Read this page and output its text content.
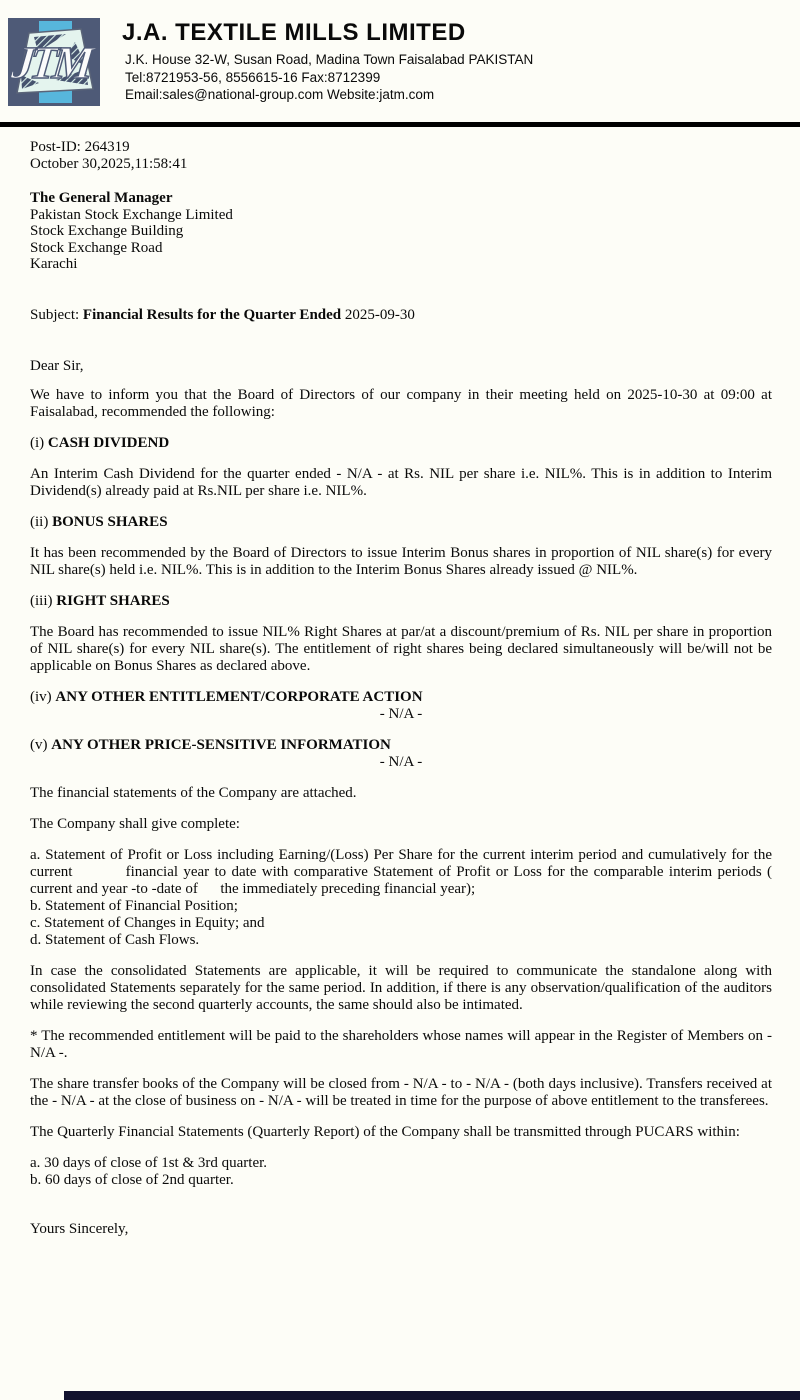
JTM
J.A. TEXTILE MILLS LIMITED
J.K. House 32-W, Susan Road, Madina Town Faisalabad PAKISTAN
Tel:8721953-56, 8556615-16 Fax:8712399
Email:sales@national-group.com Website:jatm.com
Post-ID: 264319
October 30,2025,11:58:41
The General Manager
Pakistan Stock Exchange Limited
Stock Exchange Building
Stock Exchange Road
Karachi

Subject: Financial Results for the Quarter Ended 2025-09-30

Dear Sir,

We have to inform you that the Board of Directors of our company in their meeting held on 2025-10-30 at 09:00 at Faisalabad, recommended the following:

(i) CASH DIVIDEND

An Interim Cash Dividend for the quarter ended - N/A - at Rs. NIL per share i.e. NIL%. This is in addition to Interim Dividend(s) already paid at Rs.NIL per share i.e. NIL%.

(ii) BONUS SHARES

It has been recommended by the Board of Directors to issue Interim Bonus shares in proportion of NIL share(s) for every NIL share(s) held i.e. NIL%. This is in addition to the Interim Bonus Shares already issued @ NIL%.

(iii) RIGHT SHARES

The Board has recommended to issue NIL% Right Shares at par/at a discount/premium of Rs. NIL per share in proportion of NIL share(s) for every NIL share(s). The entitlement of right shares being declared simultaneously will be/will not be applicable on Bonus Shares as declared above.

(iv) ANY OTHER ENTITLEMENT/CORPORATE ACTION

- N/A -

(v) ANY OTHER PRICE-SENSITIVE INFORMATION

- N/A -

The financial statements of the Company are attached.

The Company shall give complete:

a. Statement of Profit or Loss including Earning/(Loss) Per Share for the current interim period and cumulatively for the current          financial year to date with comparative Statement of Profit or Loss for the comparable interim periods ( current and year -to -date of      the immediately preceding financial year);
b. Statement of Financial Position;
c. Statement of Changes in Equity; and
d. Statement of Cash Flows.

In case the consolidated Statements are applicable, it will be required to communicate the standalone along with consolidated Statements separately for the same period. In addition, if there is any observation/qualification of the auditors while reviewing the second quarterly accounts, the same should also be intimated.

* The recommended entitlement will be paid to the shareholders whose names will appear in the Register of Members on - N/A -.

The share transfer books of the Company will be closed from - N/A - to - N/A - (both days inclusive). Transfers received at the - N/A - at the close of business on - N/A - will be treated in time for the purpose of above entitlement to the transferees.

The Quarterly Financial Statements (Quarterly Report) of the Company shall be transmitted through PUCARS within:

a. 30 days of close of 1st & 3rd quarter.
b. 60 days of close of 2nd quarter.

Yours Sincerely,
